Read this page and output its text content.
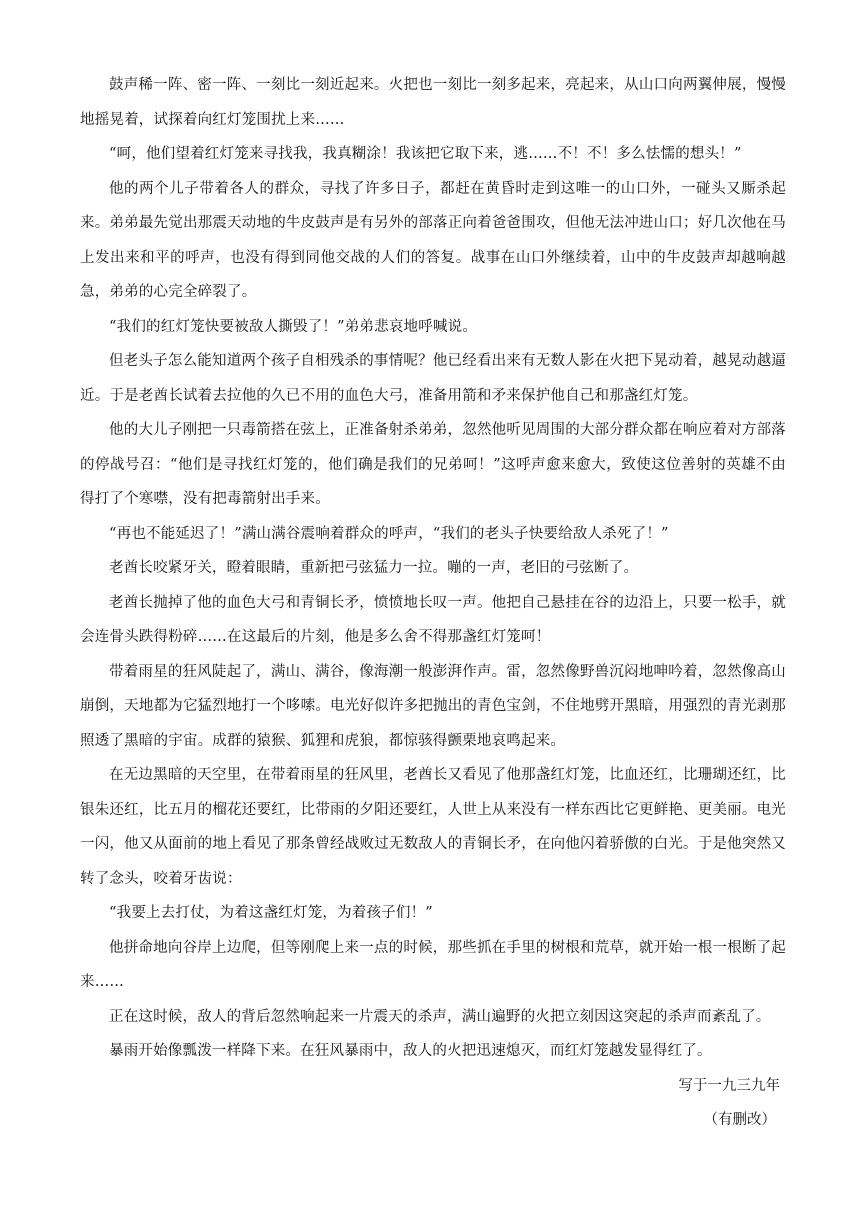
鼓声稀一阵、密一阵、一刻比一刻近起来。火把也一刻比一刻多起来，亮起来，从山口向两翼伸展，慢慢地摇晃着，试探着向红灯笼围扰上来……

“呵，他们望着红灯笼来寻找我，我真糊涂！我该把它取下来，逃……不！不！多么怯懦的想头！”

他的两个儿子带着各人的群众，寻找了许多日子，都赶在黄昏时走到这唯一的山口外，一碰头又厮杀起来。弟弟最先觉出那震天动地的牛皮鼓声是有另外的部落正向着爸爸围攻，但他无法冲进山口；好几次他在马上发出来和平的呼声，也没有得到同他交战的人们的答复。战事在山口外继续着，山中的牛皮鼓声却越响越急，弟弟的心完全碎裂了。

“我们的红灯笼快要被敌人撕毁了！”弟弟悲哀地呼喊说。

但老头子怎么能知道两个孩子自相残杀的事情呢？他已经看出来有无数人影在火把下晃动着，越晃动越逼近。于是老酋长试着去拉他的久已不用的血色大弓，准备用箭和矛来保护他自己和那盏红灯笼。

他的大儿子刚把一只毒箭搭在弦上，正准备射杀弟弟，忽然他听见周围的大部分群众都在响应着对方部落的停战号召：“他们是寻找红灯笼的，他们确是我们的兄弟呵！”这呼声愈来愈大，致使这位善射的英雄不由得打了个寒噤，没有把毒箭射出手来。

“再也不能延迟了！”满山满谷震响着群众的呼声，“我们的老头子快要给敌人杀死了！”

老酋长咬紧牙关，瞪着眼睛，重新把弓弦猛力一拉。嘣的一声，老旧的弓弦断了。

老酋长抛掉了他的血色大弓和青铜长矛，愤愤地长叹一声。他把自己悬挂在谷的边沿上，只要一松手，就会连骨头跌得粉碎……在这最后的片刻，他是多么舍不得那盏红灯笼呵！

带着雨星的狂风陡起了，满山、满谷，像海潮一般澎湃作声。雷，忽然像野兽沉闷地呻吟着，忽然像高山崩倒，天地都为它猛烈地打一个哆嗦。电光好似许多把抛出的青色宝剑，不住地劈开黑暗，用强烈的青光剥那照透了黑暗的宇宙。成群的猿猴、狐狸和虎狼，都惊骇得颤栗地哀鸣起来。

在无边黑暗的天空里，在带着雨星的狂风里，老酋长又看见了他那盏红灯笼，比血还红，比珊瑚还红，比银朱还红，比五月的榴花还要红，比带雨的夕阳还要红，人世上从来没有一样东西比它更鲜艳、更美丽。电光一闪，他又从面前的地上看见了那条曾经战败过无数敌人的青铜长矛，在向他闪着骄傲的白光。于是他突然又转了念头，咬着牙齿说：

“我要上去打仗，为着这盏红灯笼，为着孩子们！”

他拼命地向谷岸上边爬，但等刚爬上来一点的时候，那些抓在手里的树根和荒草，就开始一根一根断了起来……

正在这时候，敌人的背后忽然响起来一片震天的杀声，满山遍野的火把立刻因这突起的杀声而紊乱了。

暴雨开始像瓢泼一样降下来。在狂风暴雨中，敌人的火把迅速熄灭，而红灯笼越发显得红了。

写于一九三九年

（有删改）
